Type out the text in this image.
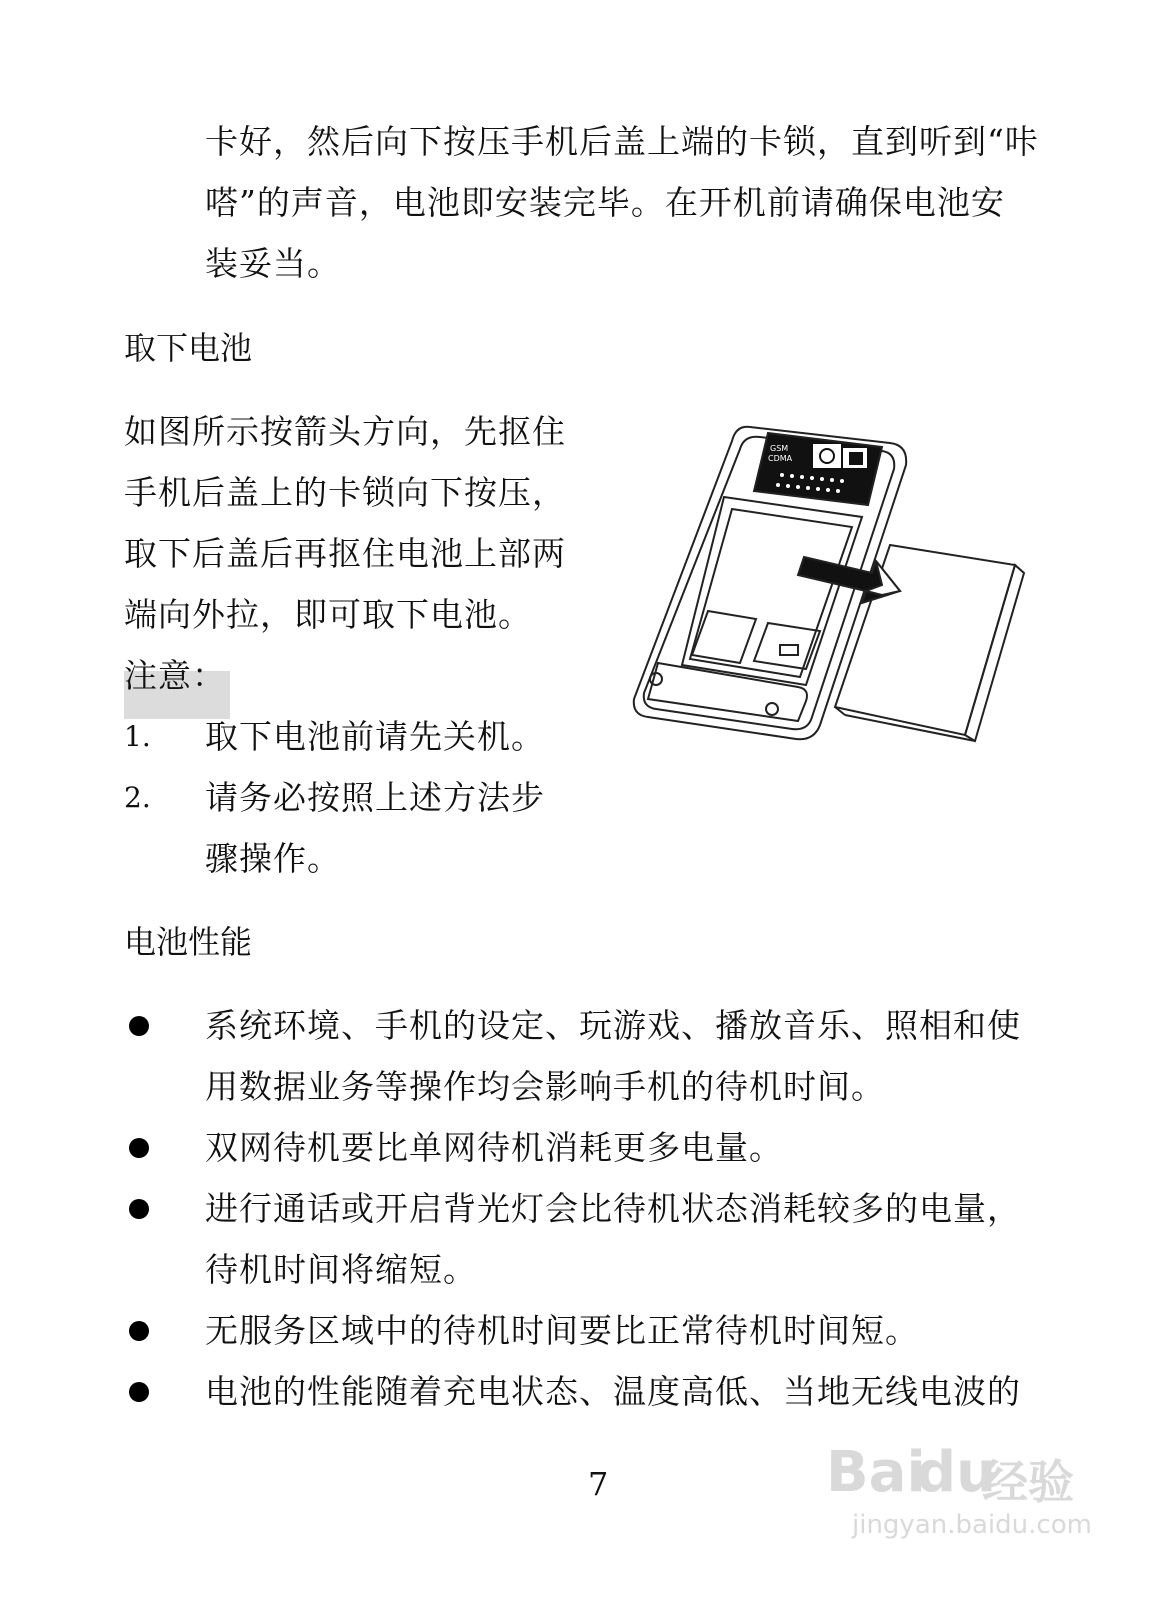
卡好，然后向下按压手机后盖上端的卡锁，直到听到“咔
嗒”的声音，电池即安装完毕。在开机前请确保电池安
装妥当。
取下电池
如图所示按箭头方向，先抠住
手机后盖上的卡锁向下按压，
取下后盖后再抠住电池上部两
端向外拉，即可取下电池。
注意：
1. 取下电池前请先关机。
2. 请务必按照上述方法步
骤操作。
GSM
CDMA
电池性能
系统环境、手机的设定、玩游戏、播放音乐、照相和使
用数据业务等操作均会影响手机的待机时间。
双网待机要比单网待机消耗更多电量。
进行通话或开启背光灯会比待机状态消耗较多的电量，
待机时间将缩短。
无服务区域中的待机时间要比正常待机时间短。
电池的性能随着充电状态、温度高低、当地无线电波的
7	Bai
du
经验
jingyan.baidu.com
